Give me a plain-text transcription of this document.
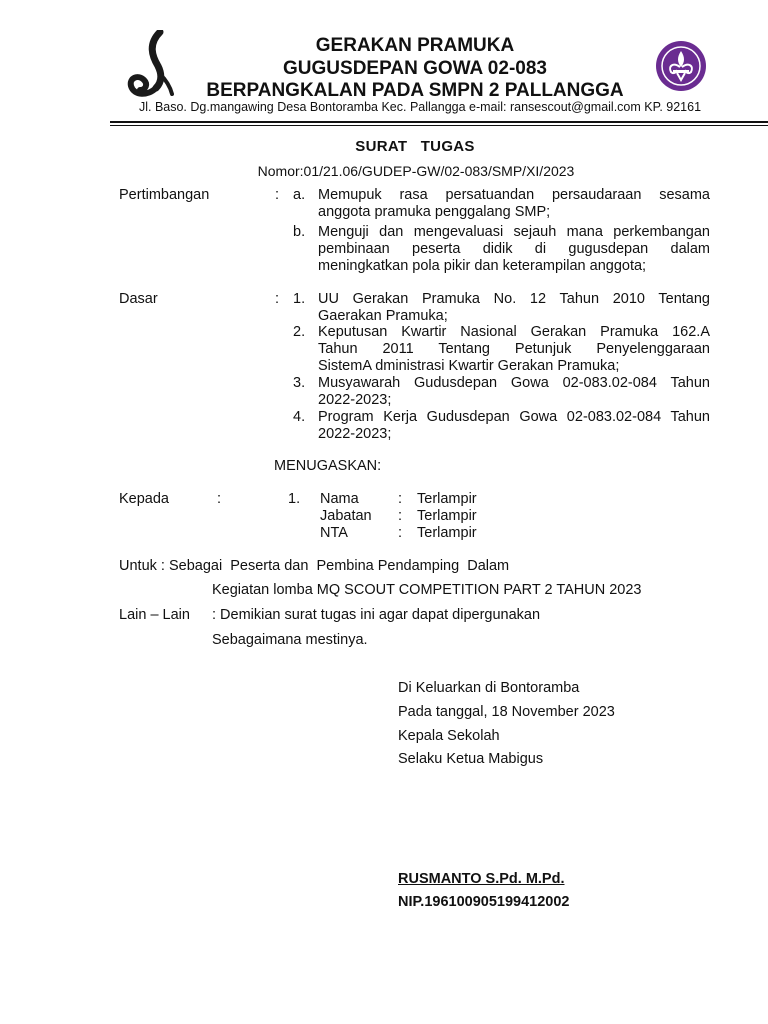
GERAKAN PRAMUKA
GUGUSDEPAN GOWA 02-083
BERPANGKALAN PADA SMPN 2 PALLANGGA
Jl. Baso. Dg.mangawing Desa Bontoramba Kec. Pallangga e-mail: ransescout@gmail.com KP. 92161
SURAT   TUGAS
Nomor:01/21.06/GUDEP-GW/02-083/SMP/XI/2023
Pertimbangan	: a. Memupuk rasa persatuandan persaudaraan sesama
anggota pramuka penggalang SMP;
b. Menguji dan mengevaluasi sejauh mana perkembangan
pembinaan peserta didik di gugusdepan dalam
meningkatkan pola pikir dan keterampilan anggota;
Dasar	: 1. UU Gerakan Pramuka No. 12 Tahun 2010 Tentang
Gaerakan Pramuka;
2. Keputusan Kwartir Nasional Gerakan Pramuka 162.A
Tahun 2011 Tentang Petunjuk Penyelenggaraan
SistemA dministrasi Kwartir Gerakan Pramuka;
3. Musyawarah Gudusdepan Gowa 02-083.02-084 Tahun
2022-2023;
4. Program Kerja Gudusdepan Gowa 02-083.02-084 Tahun
2022-2023;
MENUGASKAN:
Kepada	:	1. Nama	: Terlampir
Jabatan : Terlampir
NTA	: Terlampir
Untuk : Sebagai  Peserta dan  Pembina Pendamping  Dalam
Kegiatan lomba MQ SCOUT COMPETITION PART 2 TAHUN 2023
Lain – Lain : Demikian surat tugas ini agar dapat dipergunakan
Sebagaimana mestinya.
Di Keluarkan di Bontoramba
Pada tanggal, 18 November 2023
Kepala Sekolah
Selaku Ketua Mabigus
RUSMANTO S.Pd. M.Pd.
NIP.196100905199412002
